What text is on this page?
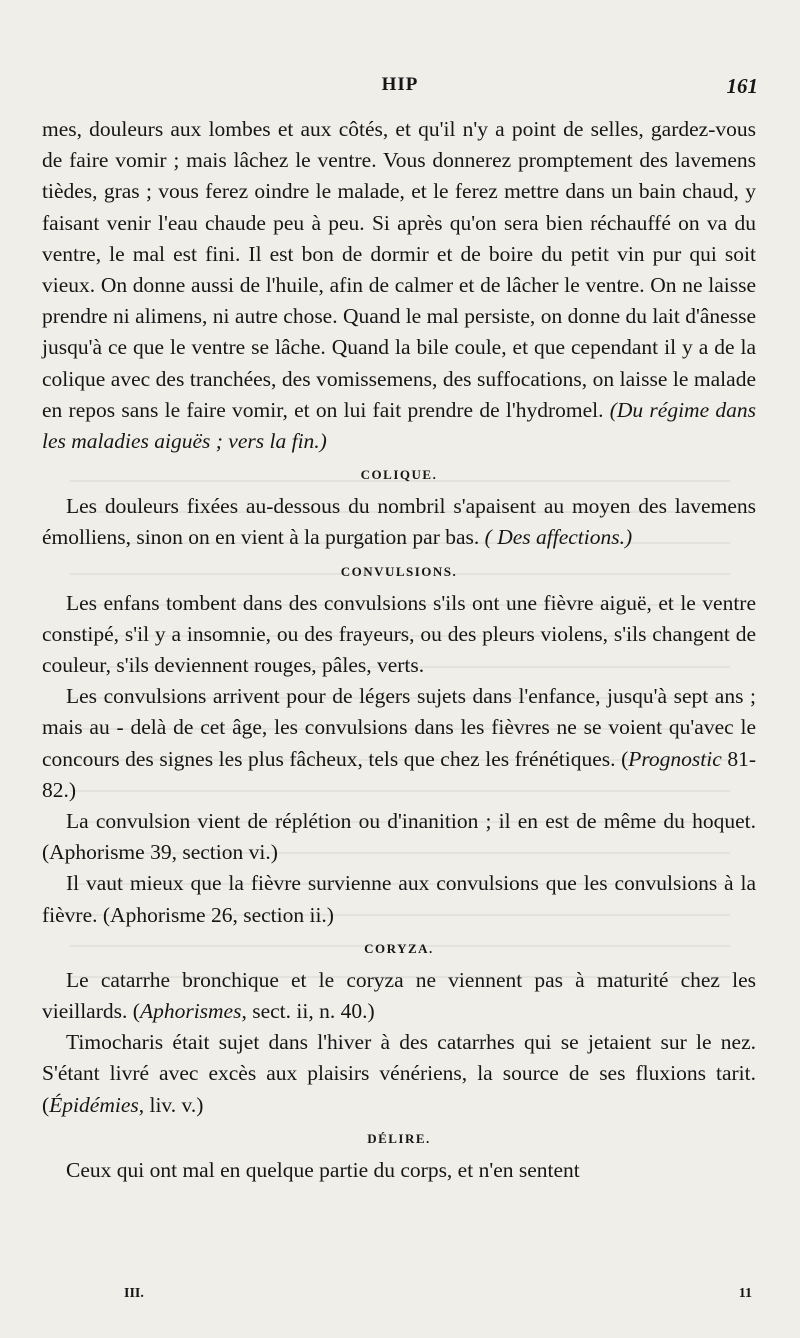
HIP	161

mes, douleurs aux lombes et aux côtés, et qu'il n'y a point de selles, gardez-vous de faire vomir ; mais lâchez le ventre. Vous donnerez promptement des lavemens tièdes, gras ; vous ferez oindre le malade, et le ferez mettre dans un bain chaud, y faisant venir l'eau chaude peu à peu. Si après qu'on sera bien réchauffé on va du ventre, le mal est fini. Il est bon de dormir et de boire du petit vin pur qui soit vieux. On donne aussi de l'huile, afin de calmer et de lâcher le ventre. On ne laisse prendre ni alimens, ni autre chose. Quand le mal persiste, on donne du lait d'ânesse jusqu'à ce que le ventre se lâche. Quand la bile coule, et que cependant il y a de la colique avec des tranchées, des vomissemens, des suffocations, on laisse le malade en repos sans le faire vomir, et on lui fait prendre de l'hydromel. (Du régime dans les maladies aiguës ; vers la fin.)

COLIQUE.

Les douleurs fixées au-dessous du nombril s'apaisent au moyen des lavemens émolliens, sinon on en vient à la purgation par bas. ( Des affections.)

CONVULSIONS.

Les enfans tombent dans des convulsions s'ils ont une fièvre aiguë, et le ventre constipé, s'il y a insomnie, ou des frayeurs, ou des pleurs violens, s'ils changent de couleur, s'ils deviennent rouges, pâles, verts.

Les convulsions arrivent pour de légers sujets dans l'enfance, jusqu'à sept ans ; mais au - delà de cet âge, les convulsions dans les fièvres ne se voient qu'avec le concours des signes les plus fâcheux, tels que chez les frénétiques. (Prognostic 81-82.)

La convulsion vient de réplétion ou d'inanition ; il en est de même du hoquet. (Aphorisme 39, section vi.)

Il vaut mieux que la fièvre survienne aux convulsions que les convulsions à la fièvre. (Aphorisme 26, section ii.)

CORYZA.

Le catarrhe bronchique et le coryza ne viennent pas à maturité chez les vieillards. (Aphorismes, sect. ii, n. 40.)

Timocharis était sujet dans l'hiver à des catarrhes qui se jetaient sur le nez. S'étant livré avec excès aux plaisirs vénériens, la source de ses fluxions tarit. (Épidémies, liv. v.)

DÉLIRE.

Ceux qui ont mal en quelque partie du corps, et n'en sentent

III.	11
